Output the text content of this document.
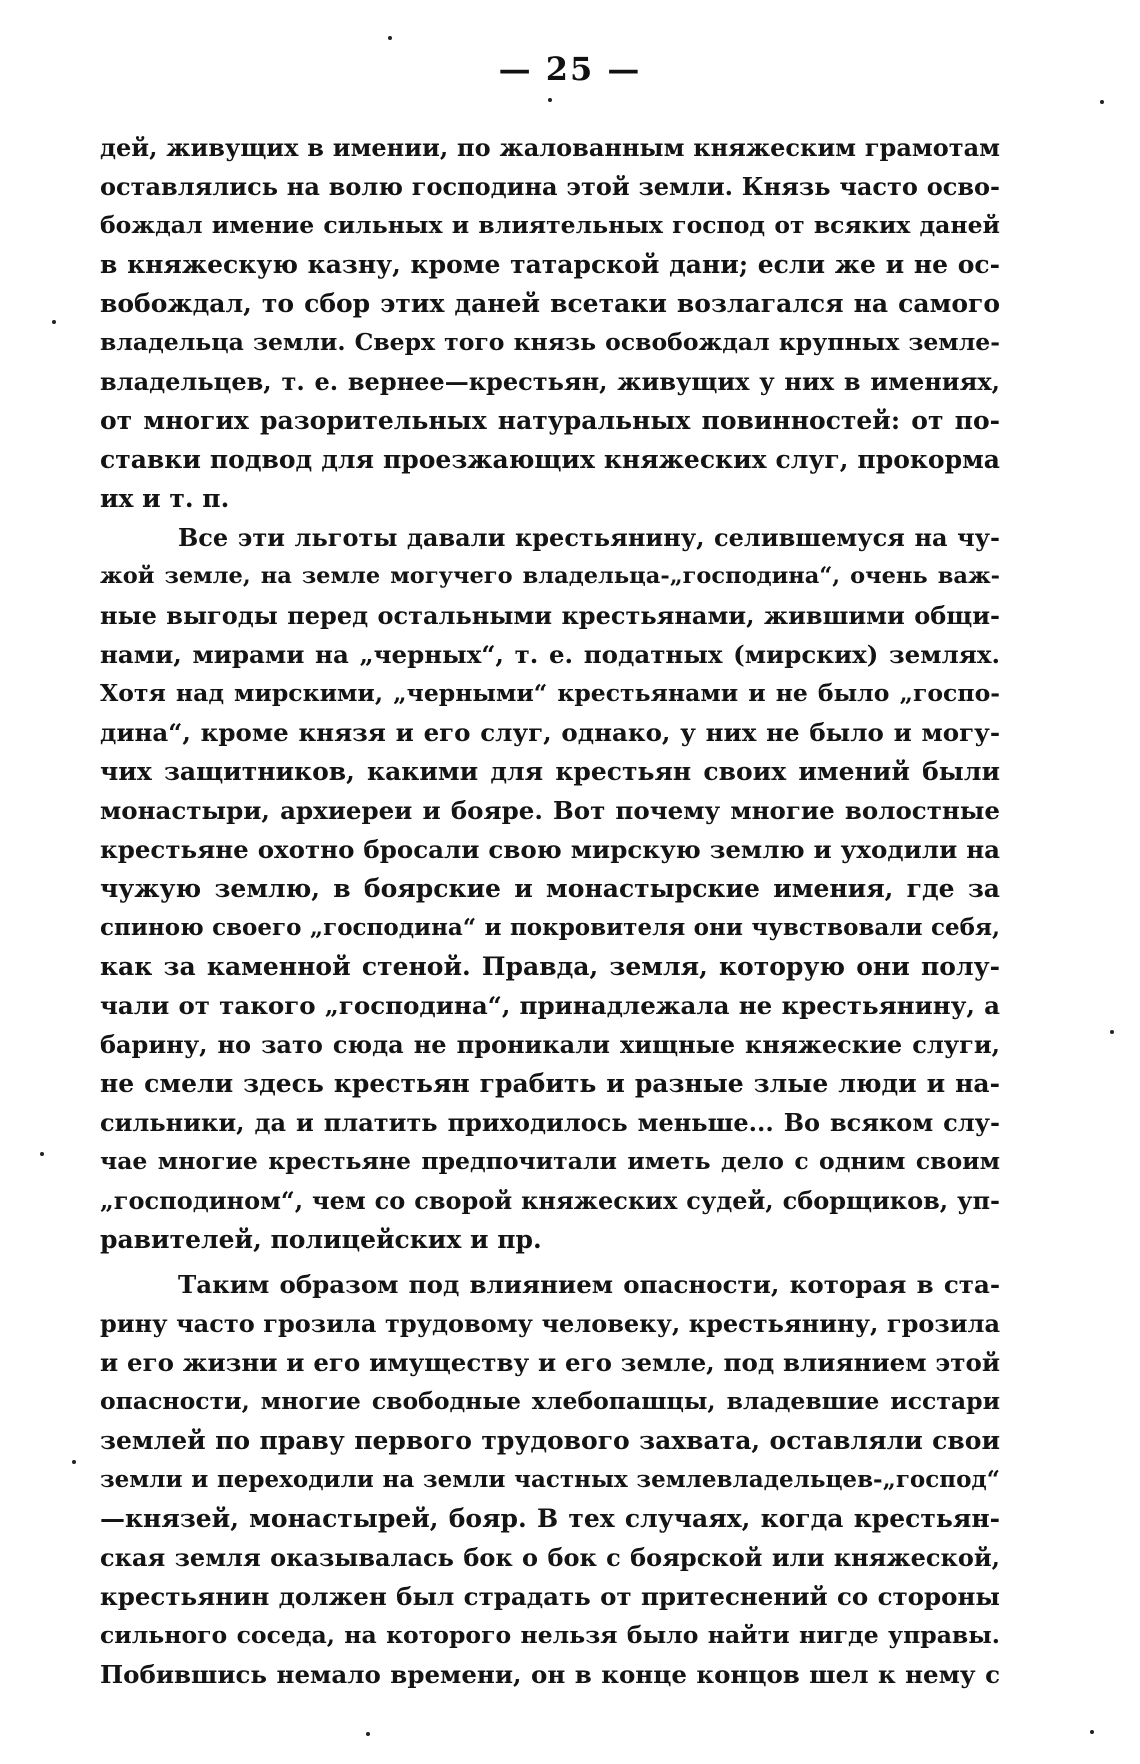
— 25 —
дей, живущих в имении, по жалованным княжеским грамотам
оставлялись на волю господина этой земли. Князь часто осво-
бождал имение сильных и влиятельных господ от всяких даней
в княжескую казну, кроме татарской дани; если же и не ос-
вобождал, то сбор этих даней всетаки возлагался на самого
владельца земли. Сверх того князь освобождал крупных земле-
владельцев, т. е. вернее—крестьян, живущих у них в имениях,
от многих разорительных натуральных повинностей: от по-
ставки подвод для проезжающих княжеских слуг, прокорма
их и т. п.
Все эти льготы давали крестьянину, селившемуся на чу-
жой земле, на земле могучего владельца-„господина“, очень важ-
ные выгоды перед остальными крестьянами, жившими общи-
нами, мирами на „черных“, т. е. податных (мирских) землях.
Хотя над мирскими, „черными“ крестьянами и не было „госпо-
дина“, кроме князя и его слуг, однако, у них не было и могу-
чих защитников, какими для крестьян своих имений были
монастыри, архиереи и бояре. Вот почему многие волостные
крестьяне охотно бросали свою мирскую землю и уходили на
чужую землю, в боярские и монастырские имения, где за
спиною своего „господина“ и покровителя они чувствовали себя,
как за каменной стеной. Правда, земля, которую они полу-
чали от такого „господина“, принадлежала не крестьянину, а
барину, но зато сюда не проникали хищные княжеские слуги,
не смели здесь крестьян грабить и разные злые люди и на-
сильники, да и платить приходилось меньше... Во всяком слу-
чае многие крестьяне предпочитали иметь дело с одним своим
„господином“, чем со сворой княжеских судей, сборщиков, уп-
равителей, полицейских и пр.
Таким образом под влиянием опасности, которая в ста-
рину часто грозила трудовому человеку, крестьянину, грозила
и его жизни и его имуществу и его земле, под влиянием этой
опасности, многие свободные хлебопашцы, владевшие исстари
землей по праву первого трудового захвата, оставляли свои
земли и переходили на земли частных землевладельцев-„господ“
—князей, монастырей, бояр. В тех случаях, когда крестьян-
ская земля оказывалась бок о бок с боярской или княжеской,
крестьянин должен был страдать от притеснений со стороны
сильного соседа, на которого нельзя было найти нигде управы.
Побившись немало времени, он в конце концов шел к нему с
